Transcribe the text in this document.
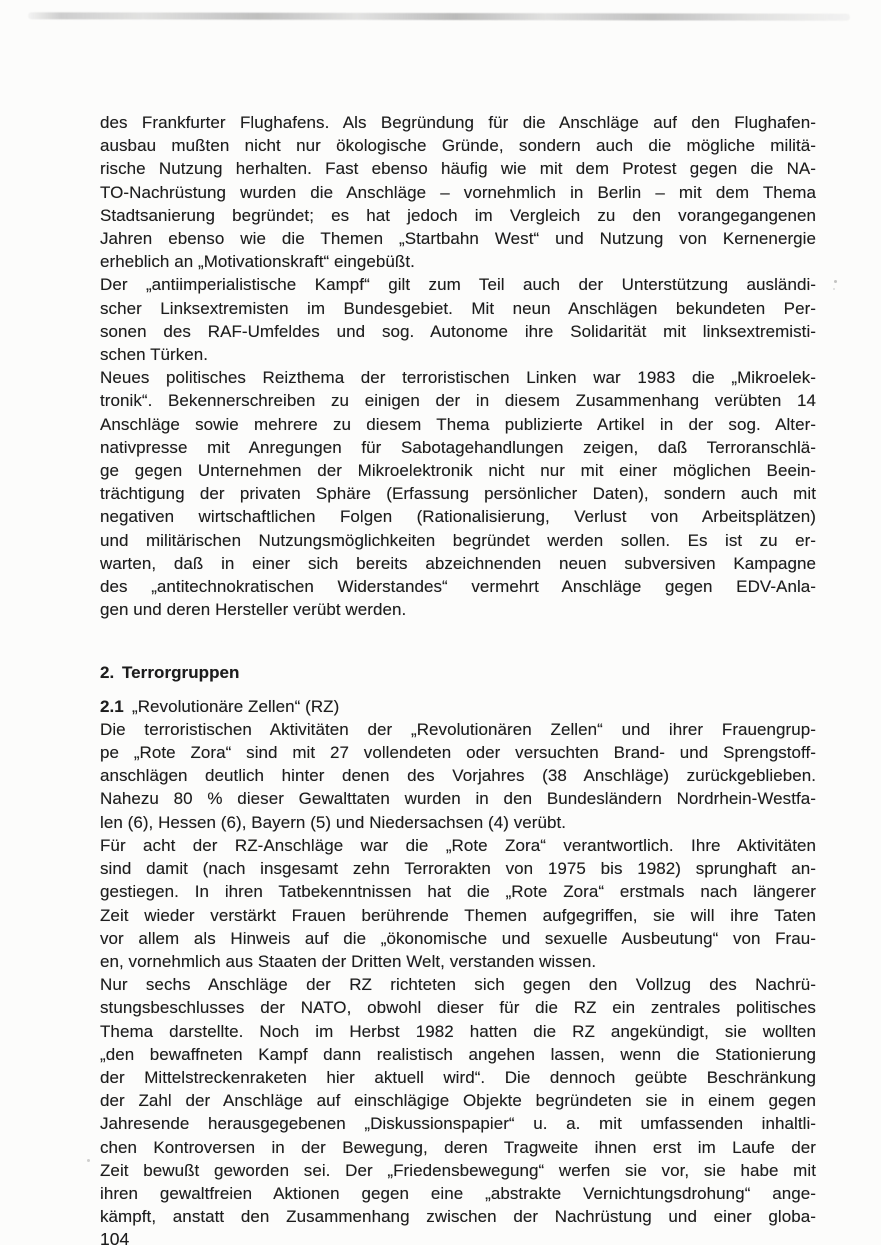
des Frankfurter Flughafens. Als Begründung für die Anschläge auf den Flughafen-
ausbau mußten nicht nur ökologische Gründe, sondern auch die mögliche militä-
rische Nutzung herhalten. Fast ebenso häufig wie mit dem Protest gegen die NA-
TO-Nachrüstung wurden die Anschläge – vornehmlich in Berlin – mit dem Thema
Stadtsanierung begründet; es hat jedoch im Vergleich zu den vorangegangenen
Jahren ebenso wie die Themen „Startbahn West“ und Nutzung von Kernenergie
erheblich an „Motivationskraft“ eingebüßt.
Der „antiimperialistische Kampf“ gilt zum Teil auch der Unterstützung ausländi-
scher Linksextremisten im Bundesgebiet. Mit neun Anschlägen bekundeten Per-
sonen des RAF-Umfeldes und sog. Autonome ihre Solidarität mit linksextremisti-
schen Türken.
Neues politisches Reizthema der terroristischen Linken war 1983 die „Mikroelek-
tronik“. Bekennerschreiben zu einigen der in diesem Zusammenhang verübten 14
Anschläge sowie mehrere zu diesem Thema publizierte Artikel in der sog. Alter-
nativpresse mit Anregungen für Sabotagehandlungen zeigen, daß Terroranschlä-
ge gegen Unternehmen der Mikroelektronik nicht nur mit einer möglichen Beein-
trächtigung der privaten Sphäre (Erfassung persönlicher Daten), sondern auch mit
negativen wirtschaftlichen Folgen (Rationalisierung, Verlust von Arbeitsplätzen)
und militärischen Nutzungsmöglichkeiten begründet werden sollen. Es ist zu er-
warten, daß in einer sich bereits abzeichnenden neuen subversiven Kampagne
des „antitechnokratischen Widerstandes“ vermehrt Anschläge gegen EDV-Anla-
gen und deren Hersteller verübt werden.
2. Terrorgruppen
2.1 „Revolutionäre Zellen“ (RZ)
Die terroristischen Aktivitäten der „Revolutionären Zellen“ und ihrer Frauengrup-
pe „Rote Zora“ sind mit 27 vollendeten oder versuchten Brand- und Sprengstoff-
anschlägen deutlich hinter denen des Vorjahres (38 Anschläge) zurückgeblieben.
Nahezu 80 % dieser Gewalttaten wurden in den Bundesländern Nordrhein-Westfa-
len (6), Hessen (6), Bayern (5) und Niedersachsen (4) verübt.
Für acht der RZ-Anschläge war die „Rote Zora“ verantwortlich. Ihre Aktivitäten
sind damit (nach insgesamt zehn Terrorakten von 1975 bis 1982) sprunghaft an-
gestiegen. In ihren Tatbekenntnissen hat die „Rote Zora“ erstmals nach längerer
Zeit wieder verstärkt Frauen berührende Themen aufgegriffen, sie will ihre Taten
vor allem als Hinweis auf die „ökonomische und sexuelle Ausbeutung“ von Frau-
en, vornehmlich aus Staaten der Dritten Welt, verstanden wissen.
Nur sechs Anschläge der RZ richteten sich gegen den Vollzug des Nachrü-
stungsbeschlusses der NATO, obwohl dieser für die RZ ein zentrales politisches
Thema darstellte. Noch im Herbst 1982 hatten die RZ angekündigt, sie wollten
„den bewaffneten Kampf dann realistisch angehen lassen, wenn die Stationierung
der Mittelstreckenraketen hier aktuell wird“. Die dennoch geübte Beschränkung
der Zahl der Anschläge auf einschlägige Objekte begründeten sie in einem gegen
Jahresende herausgegebenen „Diskussionspapier“ u. a. mit umfassenden inhaltli-
chen Kontroversen in der Bewegung, deren Tragweite ihnen erst im Laufe der
Zeit bewußt geworden sei. Der „Friedensbewegung“ werfen sie vor, sie habe mit
ihren gewaltfreien Aktionen gegen eine „abstrakte Vernichtungsdrohung“ ange-
kämpft, anstatt den Zusammenhang zwischen der Nachrüstung und einer globa-
104
